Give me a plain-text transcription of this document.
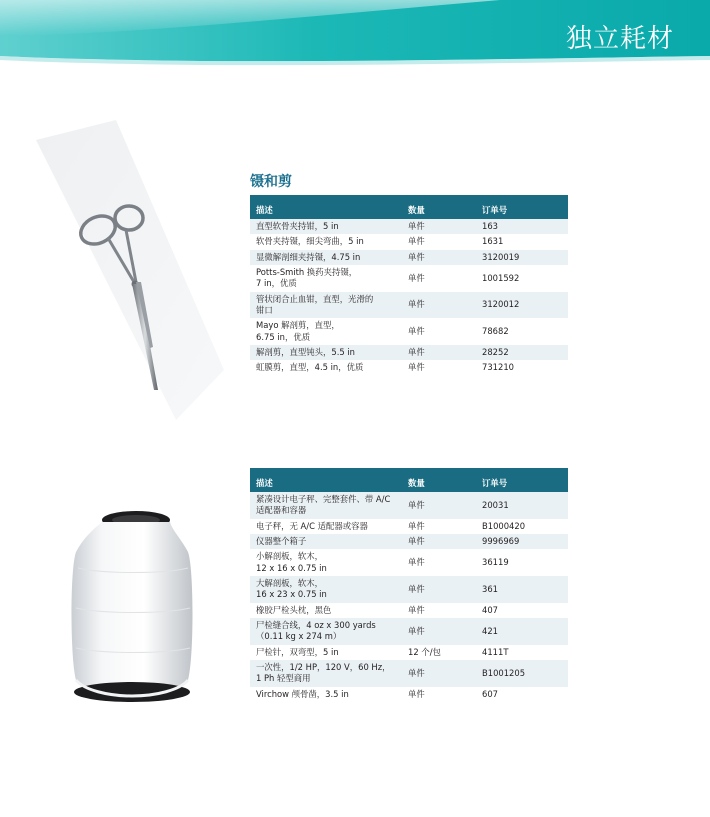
独立耗材
镊和剪
描述	数量	订单号
直型软骨夹持钳，5 in	单件	163
软骨夹持镊，细尖弯曲，5 in	单件	1631
显微解剖细夹持镊，4.75 in	单件	3120019
Potts-Smith 换药夹持镊，
7 in，优质	单件	1001592
管状闭合止血钳，直型，光滑的
钳口	单件	3120012
Mayo 解剖剪，直型，
6.75 in，优质	单件	78682
解剖剪，直型钝头，5.5 in	单件	28252
虹膜剪，直型，4.5 in，优质	单件	731210
描述	数量	订单号
紧凑设计电子秤、完整套件、带 A/C
适配器和容器	单件	20031
电子秤，无 A/C 适配器或容器	单件	B1000420
仪器整个箱子	单件	9996969
小解剖板，软木，
12 x 16 x 0.75 in	单件	36119
大解剖板，软木，
16 x 23 x 0.75 in	单件	361
橡胶尸检头枕，黑色	单件	407
尸检缝合线，4 oz x 300 yards
（0.11 kg x 274 m）	单件	421
尸检针，双弯型，5 in	12 个/包	4111T
一次性，1/2 HP，120 V，60 Hz，
1 Ph 轻型商用	单件	B1001205
Virchow 颅骨凿，3.5 in	单件	607
